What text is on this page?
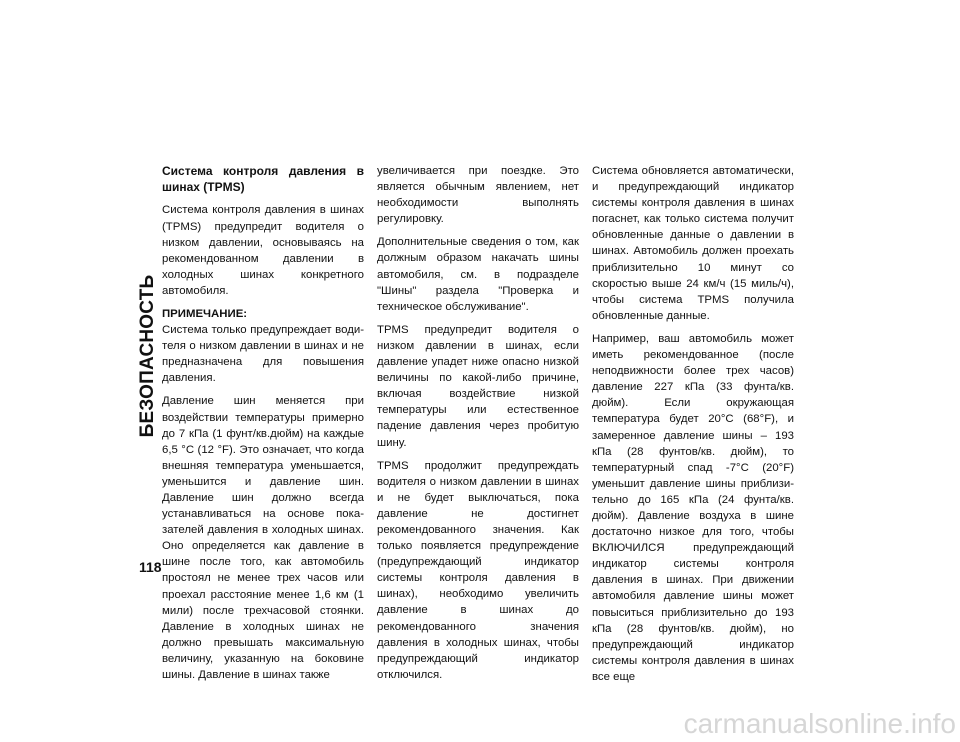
БЕЗОПАСНОСТЬ
118

Система контроля давления в шинах (TPMS)

Система контроля давления в шинах (TPMS) предупредит водителя о низком давлении, основываясь на рекомендованном давлении в холодных шинах конкретного автомобиля.

ПРИМЕЧАНИЕ:
Система только предупреждает водителя о низком давлении в шинах и не предназначена для повышения давления.

Давление шин меняется при воздействии температуры примерно до 7 кПа (1 фунт/кв.дюйм) на каждые 6,5 °C (12 °F). Это означает, что когда внешняя температура уменьшается, уменьшится и давление шин. Давление шин должно всегда устанавливаться на основе показателей давления в холодных шинах. Оно определяется как давление в шине после того, как автомобиль простоял не менее трех часов или проехал расстояние менее 1,6 км (1 мили) после трехчасовой стоянки. Давление в холодных шинах не должно превышать максимальную величину, указанную на боковине шины. Давление в шинах также

увеличивается при поездке. Это является обычным явлением, нет необходимости выполнять регулировку.

Дополнительные сведения о том, как должным образом накачать шины автомобиля, см. в подразделе "Шины" раздела "Проверка и техническое обслуживание".

TPMS предупредит водителя о низком давлении в шинах, если давление упадет ниже опасно низкой величины по какой-либо причине, включая воздействие низкой температуры или естественное падение давления через пробитую шину.

TPMS продолжит предупреждать водителя о низком давлении в шинах и не будет выключаться, пока давление не достигнет рекомендованного значения. Как только появляется предупреждение (предупреждающий индикатор системы контроля давления в шинах), необходимо увеличить давление в шинах до рекомендованного значения давления в холодных шинах, чтобы предупреждающий индикатор отключился.

Система обновляется автоматически, и предупреждающий индикатор системы контроля давления в шинах погаснет, как только система получит обновленные данные о давлении в шинах. Автомобиль должен проехать приблизительно 10 минут со скоростью выше 24 км/ч (15 миль/ч), чтобы система TPMS получила обновленные данные.

Например, ваш автомобиль может иметь рекомендованное (после неподвижности более трех часов) давление 227 кПа (33 фунта/кв. дюйм). Если окружающая температура будет 20°C (68°F), и замеренное давление шины – 193 кПа (28 фунтов/кв. дюйм), то температурный спад -7°C (20°F) уменьшит давление шины приблизительно до 165 кПа (24 фунта/кв. дюйм). Давление воздуха в шине достаточно низкое для того, чтобы ВКЛЮЧИЛСЯ предупреждающий индикатор системы контроля давления в шинах. При движении автомобиля давление шины может повыситься приблизительно до 193 кПа (28 фунтов/кв. дюйм), но предупреждающий индикатор системы контроля давления в шинах все еще

carmanualsonline.info
